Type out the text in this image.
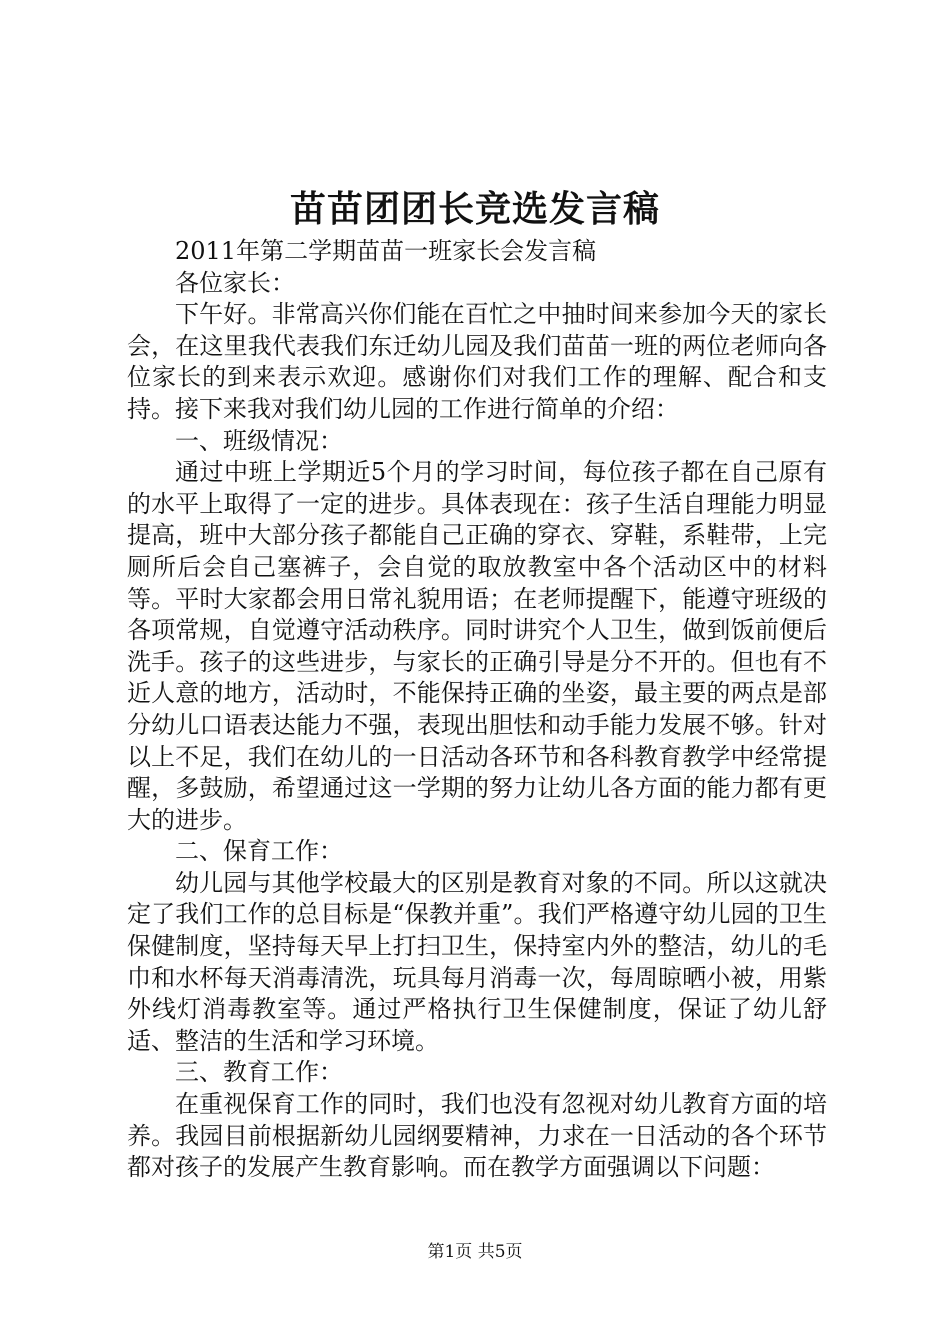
苗苗团团长竞选发言稿

2011年第二学期苗苗一班家长会发言稿

各位家长：

下午好。非常高兴你们能在百忙之中抽时间来参加今天的家长会，在这里我代表我们东迁幼儿园及我们苗苗一班的两位老师向各位家长的到来表示欢迎。感谢你们对我们工作的理解、配合和支持。接下来我对我们幼儿园的工作进行简单的介绍：

一、班级情况：

通过中班上学期近5个月的学习时间，每位孩子都在自己原有的水平上取得了一定的进步。具体表现在：孩子生活自理能力明显提高，班中大部分孩子都能自己正确的穿衣、穿鞋，系鞋带，上完厕所后会自己塞裤子，会自觉的取放教室中各个活动区中的材料等。平时大家都会用日常礼貌用语；在老师提醒下，能遵守班级的各项常规，自觉遵守活动秩序。同时讲究个人卫生，做到饭前便后洗手。孩子的这些进步，与家长的正确引导是分不开的。但也有不近人意的地方，活动时，不能保持正确的坐姿，最主要的两点是部分幼儿口语表达能力不强，表现出胆怯和动手能力发展不够。针对以上不足，我们在幼儿的一日活动各环节和各科教育教学中经常提醒，多鼓励，希望通过这一学期的努力让幼儿各方面的能力都有更大的进步。

二、保育工作：

幼儿园与其他学校最大的区别是教育对象的不同。所以这就决定了我们工作的总目标是“保教并重”。我们严格遵守幼儿园的卫生保健制度，坚持每天早上打扫卫生，保持室内外的整洁，幼儿的毛巾和水杯每天消毒清洗，玩具每月消毒一次，每周晾晒小被，用紫外线灯消毒教室等。通过严格执行卫生保健制度，保证了幼儿舒适、整洁的生活和学习环境。

三、教育工作：

在重视保育工作的同时，我们也没有忽视对幼儿教育方面的培养。我园目前根据新幼儿园纲要精神，力求在一日活动的各个环节都对孩子的发展产生教育影响。而在教学方面强调以下问题：

第1页 共5页
